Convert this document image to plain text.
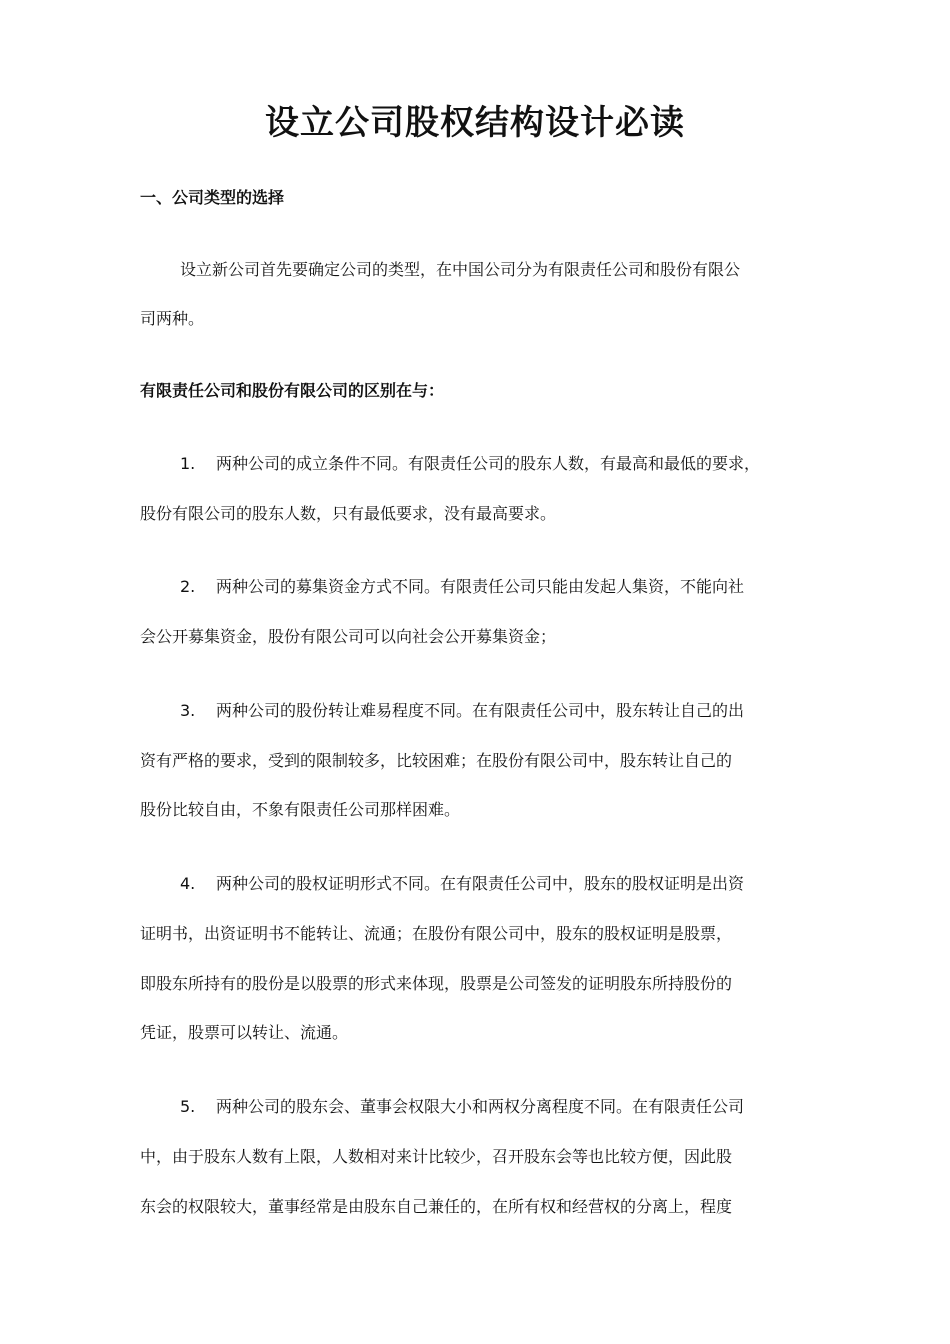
设立公司股权结构设计必读

一、公司类型的选择

设立新公司首先要确定公司的类型，在中国公司分为有限责任公司和股份有限公

司两种。

有限责任公司和股份有限公司的区别在与：

1. 两种公司的成立条件不同。有限责任公司的股东人数，有最高和最低的要求，

股份有限公司的股东人数，只有最低要求，没有最高要求。

2. 两种公司的募集资金方式不同。有限责任公司只能由发起人集资，不能向社

会公开募集资金，股份有限公司可以向社会公开募集资金；

3. 两种公司的股份转让难易程度不同。在有限责任公司中，股东转让自己的出

资有严格的要求，受到的限制较多，比较困难；在股份有限公司中，股东转让自己的

股份比较自由，不象有限责任公司那样困难。

4. 两种公司的股权证明形式不同。在有限责任公司中，股东的股权证明是出资

证明书，出资证明书不能转让、流通；在股份有限公司中，股东的股权证明是股票，

即股东所持有的股份是以股票的形式来体现，股票是公司签发的证明股东所持股份的

凭证，股票可以转让、流通。

5. 两种公司的股东会、董事会权限大小和两权分离程度不同。在有限责任公司

中，由于股东人数有上限，人数相对来计比较少，召开股东会等也比较方便，因此股

东会的权限较大，董事经常是由股东自己兼任的，在所有权和经营权的分离上，程度
